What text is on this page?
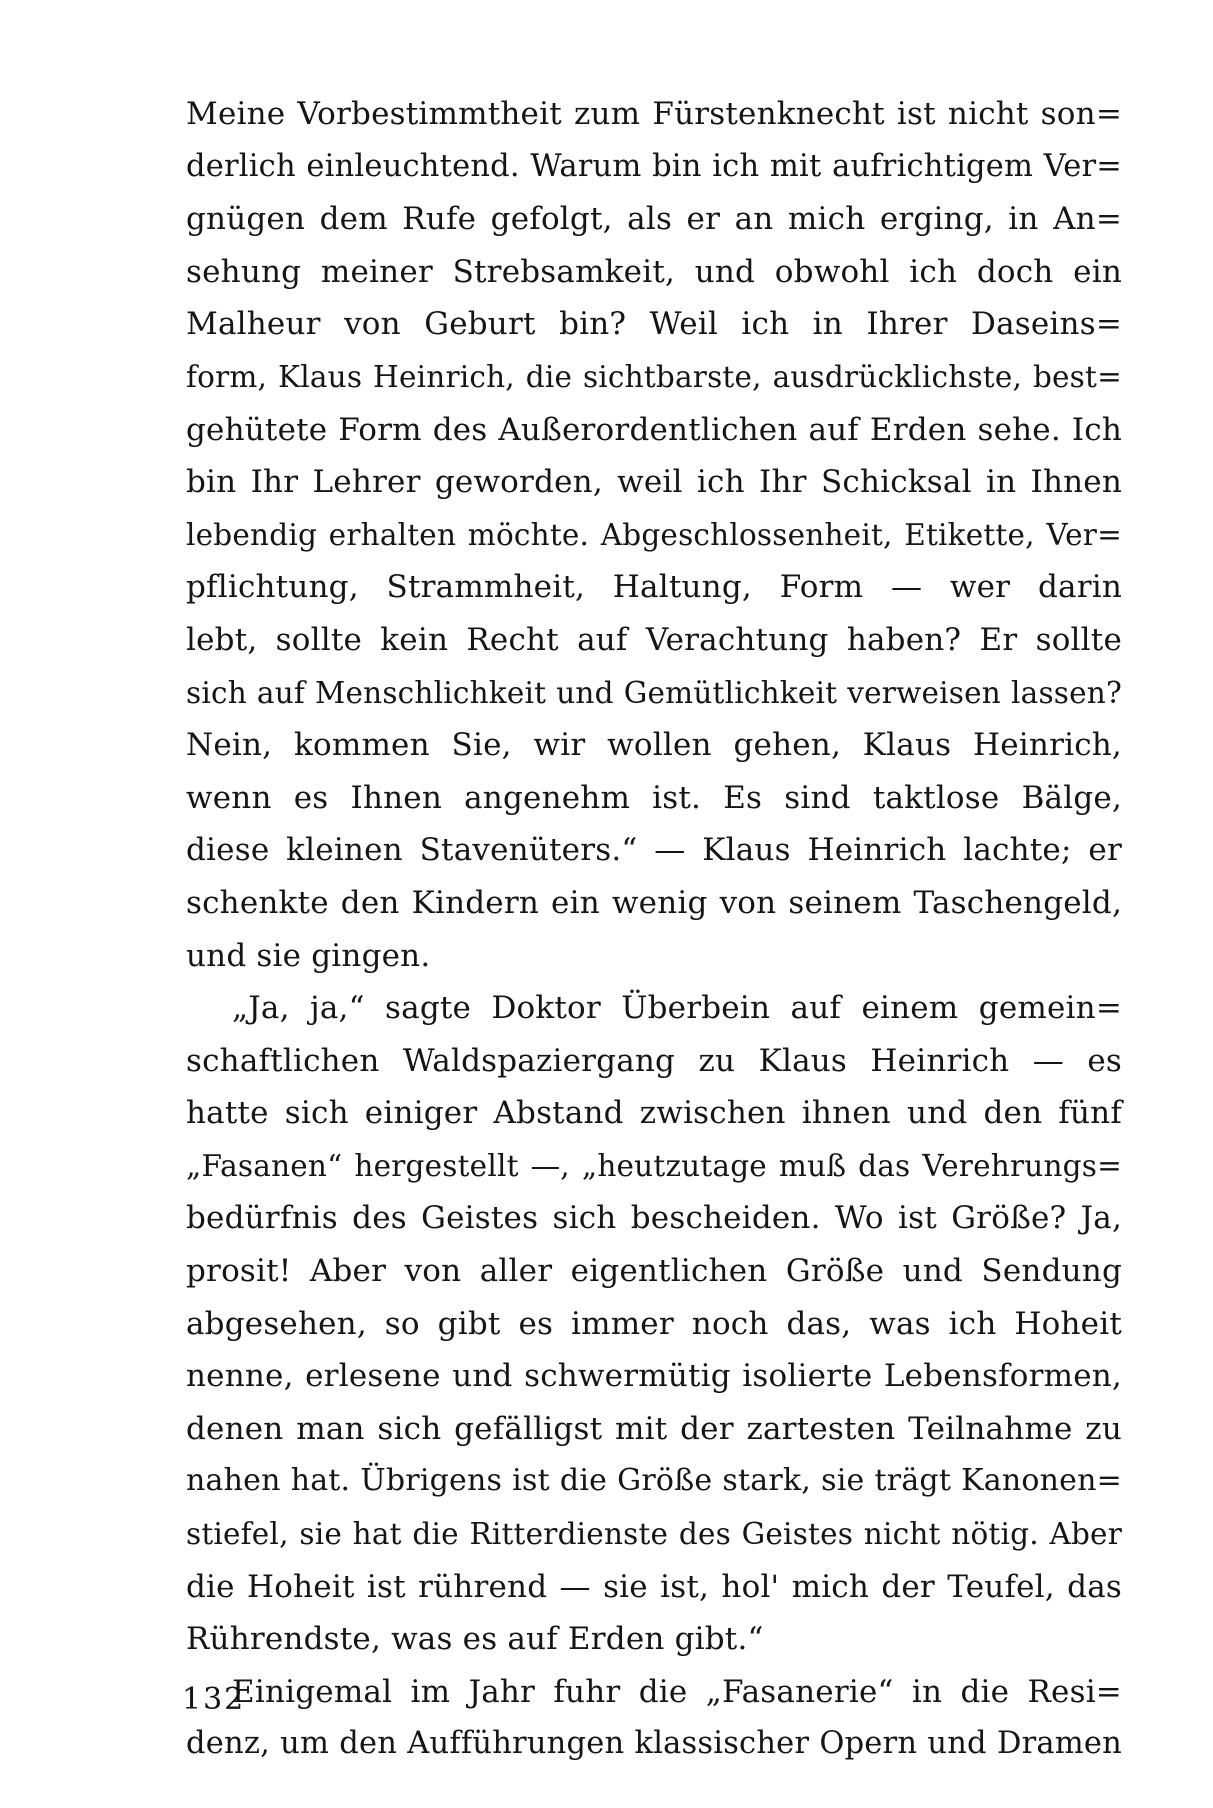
Meine Vorbestimmtheit zum Fürstenknecht ist nicht son=
derlich einleuchtend. Warum bin ich mit aufrichtigem Ver=
gnügen dem Rufe gefolgt, als er an mich erging, in An=
sehung meiner Strebsamkeit, und obwohl ich doch ein
Malheur von Geburt bin? Weil ich in Ihrer Daseins=
form, Klaus Heinrich, die sichtbarste, ausdrücklichste, best=
gehütete Form des Außerordentlichen auf Erden sehe. Ich
bin Ihr Lehrer geworden, weil ich Ihr Schicksal in Ihnen
lebendig erhalten möchte. Abgeschlossenheit, Etikette, Ver=
pflichtung, Strammheit, Haltung, Form — wer darin
lebt, sollte kein Recht auf Verachtung haben? Er sollte
sich auf Menschlichkeit und Gemütlichkeit verweisen lassen?
Nein, kommen Sie, wir wollen gehen, Klaus Heinrich,
wenn es Ihnen angenehm ist. Es sind taktlose Bälge,
diese kleinen Stavenüters.“ — Klaus Heinrich lachte; er
schenkte den Kindern ein wenig von seinem Taschengeld,
und sie gingen.
„Ja, ja,“ sagte Doktor Überbein auf einem gemein=
schaftlichen Waldspaziergang zu Klaus Heinrich — es
hatte sich einiger Abstand zwischen ihnen und den fünf
„Fasanen“ hergestellt —, „heutzutage muß das Verehrungs=
bedürfnis des Geistes sich bescheiden. Wo ist Größe? Ja,
prosit! Aber von aller eigentlichen Größe und Sendung
abgesehen, so gibt es immer noch das, was ich Hoheit
nenne, erlesene und schwermütig isolierte Lebensformen,
denen man sich gefälligst mit der zartesten Teilnahme zu
nahen hat. Übrigens ist die Größe stark, sie trägt Kanonen=
stiefel, sie hat die Ritterdienste des Geistes nicht nötig. Aber
die Hoheit ist rührend — sie ist, hol' mich der Teufel, das
Rührendste, was es auf Erden gibt.“
Einigemal im Jahr fuhr die „Fasanerie“ in die Resi=
denz, um den Aufführungen klassischer Opern und Dramen
132
